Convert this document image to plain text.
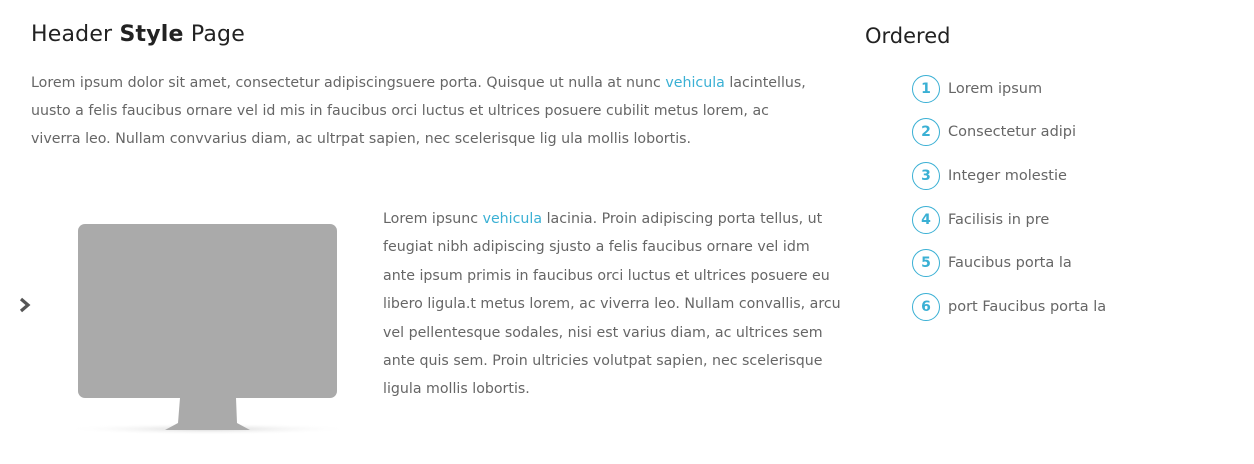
Header Style Page

Lorem ipsum dolor sit amet, consectetur adipiscingsuere porta. Quisque ut nulla at nunc vehicula lacintellus, uusto a felis faucibus ornare vel id mis in faucibus orci luctus et ultrices posuere cubilit metus lorem, ac viverra leo. Nullam convvarius diam, ac ultrpat sapien, nec scelerisque lig ula mollis lobortis.

Lorem ipsunc vehicula lacinia. Proin adipiscing porta tellus, ut feugiat nibh adipiscing sjusto a felis faucibus ornare vel idm ante ipsum primis in faucibus orci luctus et ultrices posuere eu libero ligula.t metus lorem, ac viverra leo. Nullam convallis, arcu vel pellentesque sodales, nisi est varius diam, ac ultrices sem ante quis sem. Proin ultricies volutpat sapien, nec scelerisque ligula mollis lobortis.

Ordered
1	Lorem ipsum
2	Consectetur adipi
3	Integer molestie
4	Facilisis in pre
5	Faucibus porta la
6	port Faucibus porta la
